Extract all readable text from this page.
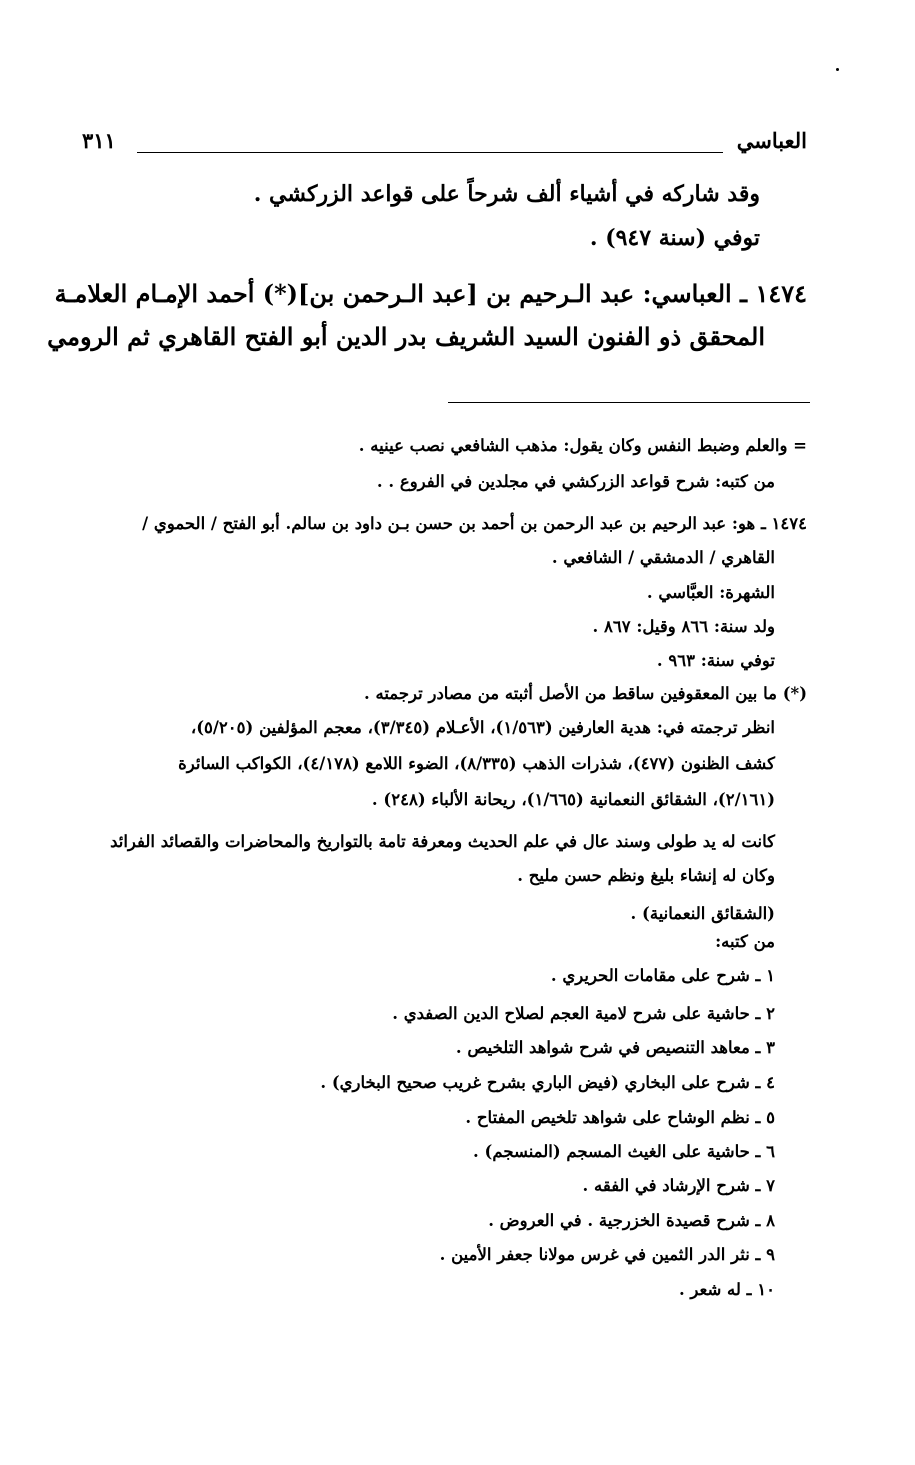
العباسي
٣١١
وقد شاركه في أشياء ألف شرحاً على قواعد الزركشي .
توفي (سنة ٩٤٧) .
١٤٧٤ ـ العباسي: عبد الـرحيم بن [عبد الـرحمن بن](*) أحمد الإمـام العلامـة
المحقق ذو الفنون السيد الشريف بدر الدين أبو الفتح القاهري ثم الرومي
= والعلم وضبط النفس وكان يقول: مذهب الشافعي نصب عينيه .
من كتبه: شرح قواعد الزركشي في مجلدين في الفروع . .
١٤٧٤ ـ هو: عبد الرحيم بن عبد الرحمن بن أحمد بن حسن بـن داود بن سالم. أبو الفتح / الحموي /
القاهري / الدمشقي / الشافعي .
الشهرة: العبَّاسي .
ولد سنة: ٨٦٦ وقيل: ٨٦٧ .
توفي سنة: ٩٦٣ .
(*) ما بين المعقوفين ساقط من الأصل أثبته من مصادر ترجمته .
انظر ترجمته في: هدية العارفين (١/٥٦٣)، الأعـلام (٣/٣٤٥)، معجم المؤلفين (٥/٢٠٥)،
كشف الظنون (٤٧٧)، شذرات الذهب (٨/٣٣٥)، الضوء اللامع (٤/١٧٨)، الكواكب السائرة
(٢/١٦١)، الشقائق النعمانية (١/٦٦٥)، ريحانة الألباء (٢٤٨) .
كانت له يد طولى وسند عال في علم الحديث ومعرفة تامة بالتواريخ والمحاضرات والقصائد الفرائد
وكان له إنشاء بليغ ونظم حسن مليح .
(الشقائق النعمانية) .
من كتبه:
١ ـ شرح على مقامات الحريري .
٢ ـ حاشية على شرح لامية العجم لصلاح الدين الصفدي .
٣ ـ معاهد التنصيص في شرح شواهد التلخيص .
٤ ـ شرح على البخاري (فيض الباري بشرح غريب صحيح البخاري) .
٥ ـ نظم الوشاح على شواهد تلخيص المفتاح .
٦ ـ حاشية على الغيث المسجم (المنسجم) .
٧ ـ شرح الإرشاد في الفقه .
٨ ـ شرح قصيدة الخزرجية . في العروض .
٩ ـ نثر الدر الثمين في غرس مولانا جعفر الأمين .
١٠ ـ له شعر .
